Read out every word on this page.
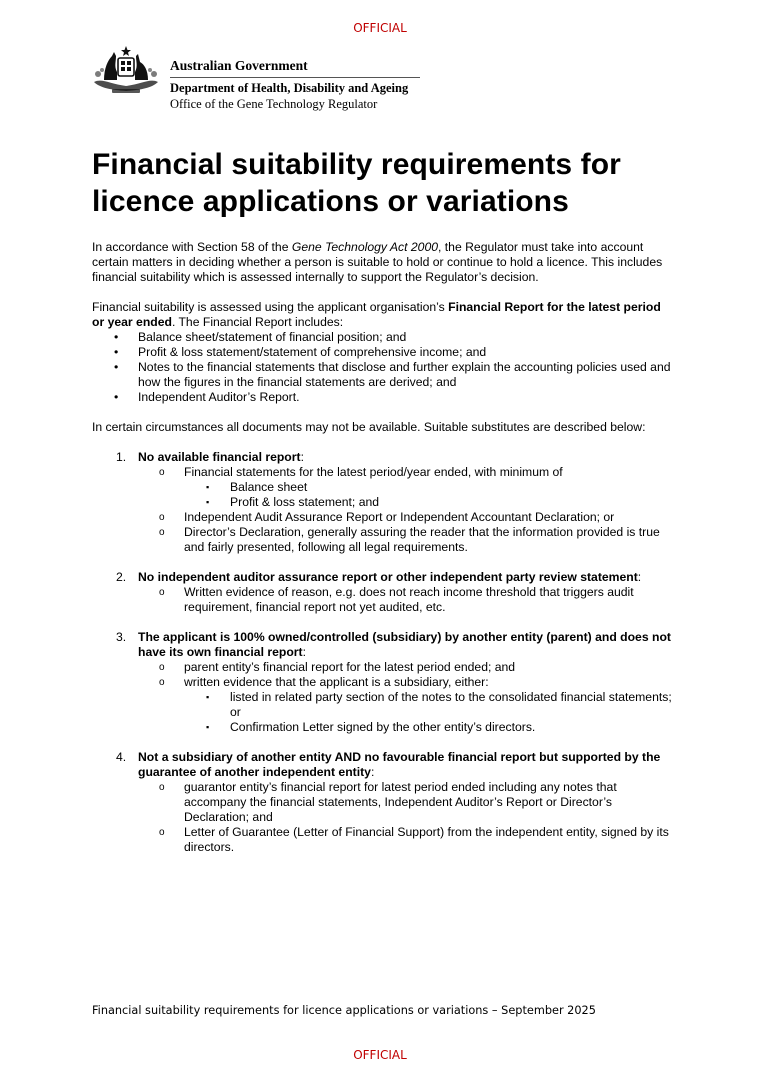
OFFICIAL
Australian Government
Department of Health, Disability and Ageing
Office of the Gene Technology Regulator
Financial suitability requirements for licence applications or variations

In accordance with Section 58 of the Gene Technology Act 2000, the Regulator must take into account certain matters in deciding whether a person is suitable to hold or continue to hold a licence. This includes financial suitability which is assessed internally to support the Regulator’s decision.

Financial suitability is assessed using the applicant organisation’s Financial Report for the latest period or year ended. The Financial Report includes:

• Balance sheet/statement of financial position; and
• Profit & loss statement/statement of comprehensive income; and
• Notes to the financial statements that disclose and further explain the accounting policies used and how the figures in the financial statements are derived; and
• Independent Auditor’s Report.

In certain circumstances all documents may not be available. Suitable substitutes are described below:

1. No available financial report:
o Financial statements for the latest period/year ended, with minimum of
▪ Balance sheet
▪ Profit & loss statement; and
o Independent Audit Assurance Report or Independent Accountant Declaration; or
o Director’s Declaration, generally assuring the reader that the information provided is true and fairly presented, following all legal requirements.
2. No independent auditor assurance report or other independent party review statement:
o Written evidence of reason, e.g. does not reach income threshold that triggers audit requirement, financial report not yet audited, etc.
3. The applicant is 100% owned/controlled (subsidiary) by another entity (parent) and does not have its own financial report:
o parent entity’s financial report for the latest period ended; and
o written evidence that the applicant is a subsidiary, either:
▪ listed in related party section of the notes to the consolidated financial statements; or
▪ Confirmation Letter signed by the other entity’s directors.
4. Not a subsidiary of another entity AND no favourable financial report but supported by the guarantee of another independent entity:
o guarantor entity’s financial report for latest period ended including any notes that accompany the financial statements, Independent Auditor’s Report or Director’s Declaration; and
o Letter of Guarantee (Letter of Financial Support) from the independent entity, signed by its directors.
Financial suitability requirements for licence applications or variations – September 2025
OFFICIAL
